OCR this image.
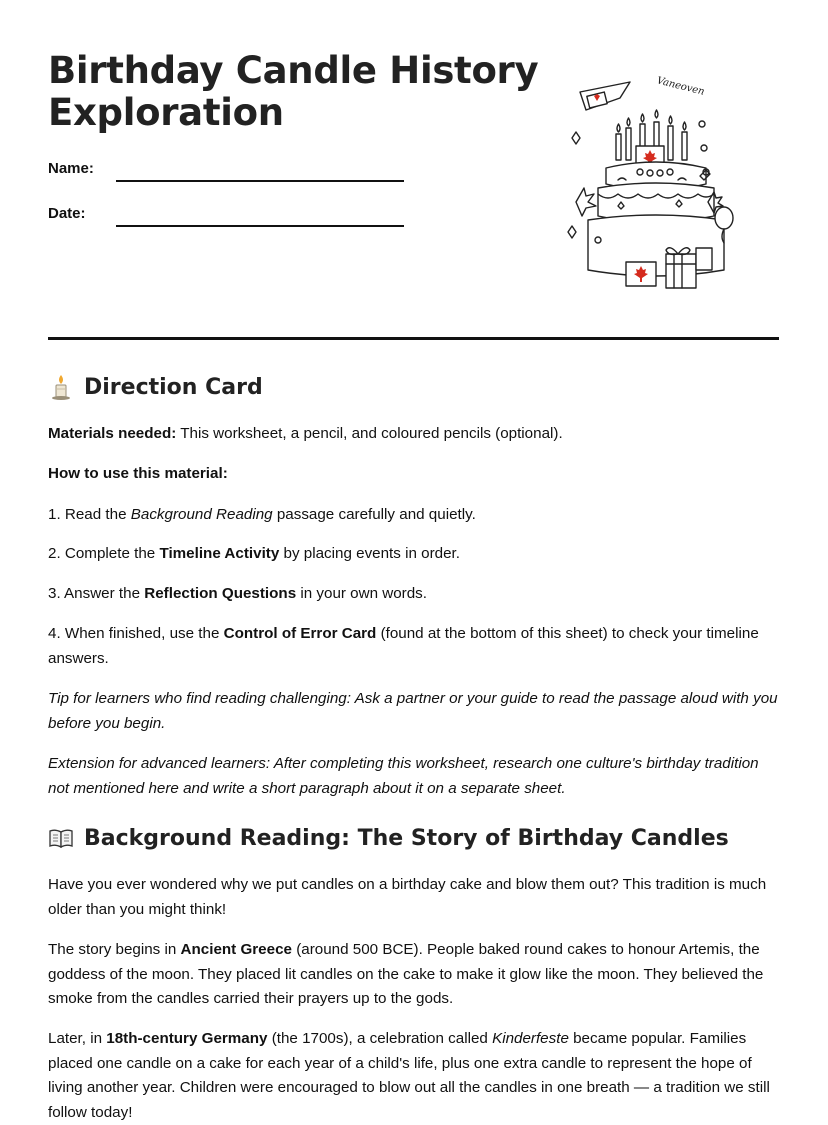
Birthday Candle History
Exploration
Name:
Date:
Vaneoven
Direction Card

Materials needed: This worksheet, a pencil, and coloured pencils (optional).

How to use this material:

1. Read the Background Reading passage carefully and quietly.

2. Complete the Timeline Activity by placing events in order.

3. Answer the Reflection Questions in your own words.

4. When finished, use the Control of Error Card (found at the bottom of this sheet) to check your timeline answers.

Tip for learners who find reading challenging: Ask a partner or your guide to read the passage aloud with you before you begin.

Extension for advanced learners: After completing this worksheet, research one culture's birthday tradition not mentioned here and write a short paragraph about it on a separate sheet.

Background Reading: The Story of Birthday Candles

Have you ever wondered why we put candles on a birthday cake and blow them out? This tradition is much older than you might think!

The story begins in Ancient Greece (around 500 BCE). People baked round cakes to honour Artemis, the goddess of the moon. They placed lit candles on the cake to make it glow like the moon. They believed the smoke from the candles carried their prayers up to the gods.

Later, in 18th-century Germany (the 1700s), a celebration called Kinderfeste became popular. Families placed one candle on a cake for each year of a child's life, plus one extra candle to represent the hope of living another year. Children were encouraged to blow out all the candles in one breath — a tradition we still follow today!
